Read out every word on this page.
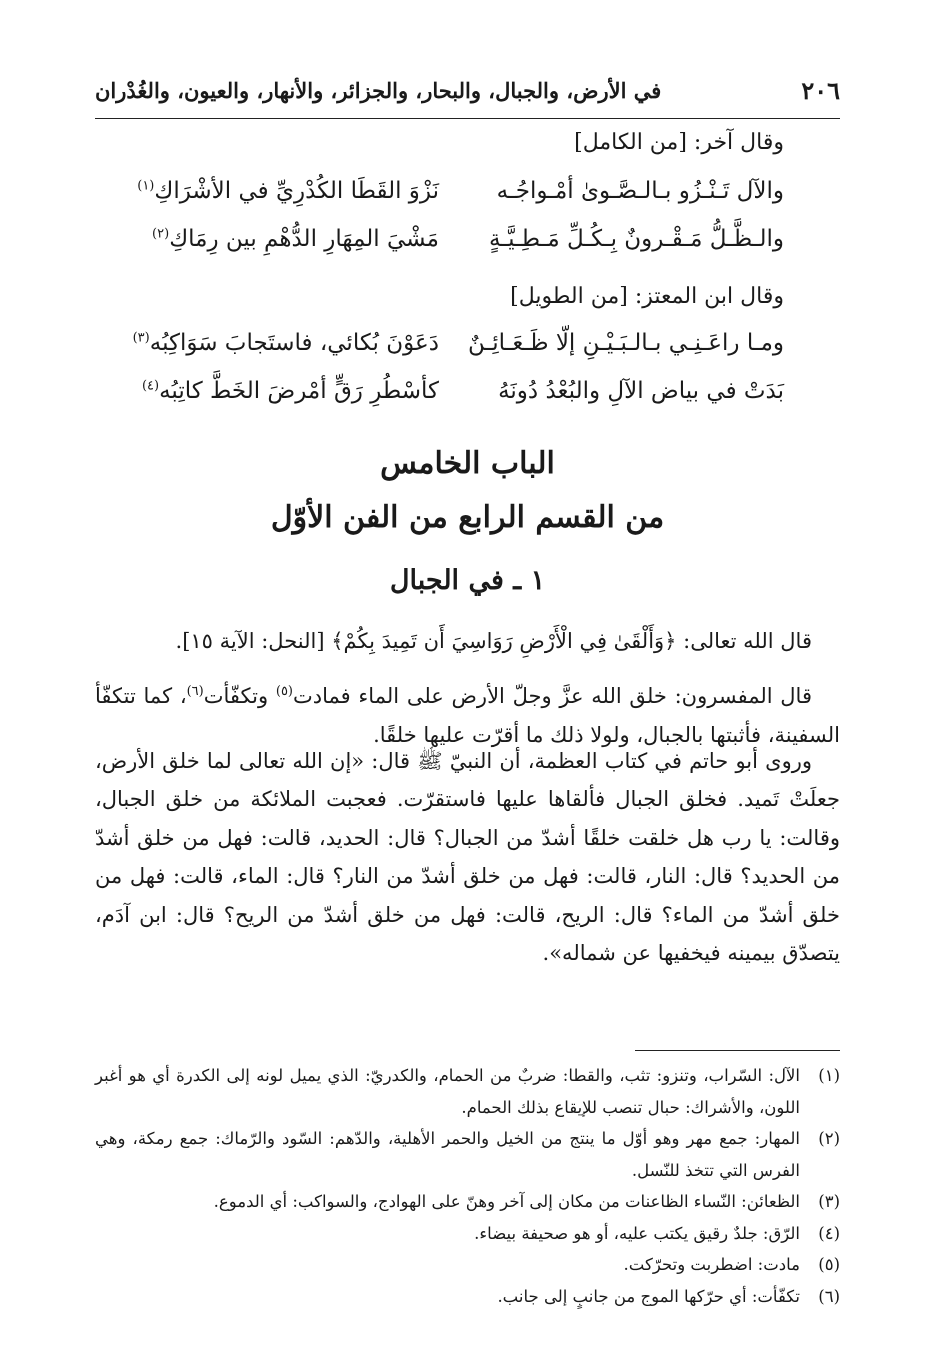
٢٠٦
في الأرض، والجبال، والبحار، والجزائر، والأنهار، والعيون، والغُدْران
وقال آخر: [من الكامل]
والآل تَـنْـزُو بـالـصَّـوىٰ أمْـواجُـه
نَزْوَ القَطَا الكُدْرِيِّ في الأشْرَاكِ$^{(١)}$
والـظَّـلُّ مَـقْـرونٌ بِـكُـلِّ مَـطِـيَّـةٍ
مَشْيَ المِهَارِ الدُّهْمِ بين رِمَاكِ$^{(٢)}$
وقال ابن المعتز: [من الطويل]
ومـا راعَـنِـي بـالـبَـيْـنِ إلّا ظَـعَـائِـنٌ
دَعَوْنَ بُكائي، فاستَجابَ سَوَاكِبُه$^{(٣)}$
بَدَتْ في بياض الآلِ والبُعْدُ دُونَهُ
كأسْطُرِ رَقٍّ أمْرضَ الخَطَّ كاتِبُه$^{(٤)}$
الباب الخامس
من القسم الرابع من الفن الأوّل
١ ـ في الجبال
قال الله تعالى: ﴿وَأَلْقَىٰ فِي الْأَرْضِ رَوَاسِيَ أَن تَمِيدَ بِكُمْ﴾ [النحل: الآية ١٥].
قال المفسرون: خلق الله عزَّ وجلّ الأرض على الماء فمادت$^{(٥)}$ وتكفّأت$^{(٦)}$، كما تتكفّأ السفينة، فأثبتها بالجبال، ولولا ذلك ما أقرّت عليها خلقًا.
وروى أبو حاتم في كتاب العظمة، أن النبيّ ﷺ قال: «إن الله تعالى لما خلق الأرض، جعلَتْ تَميد. فخلق الجبال فألقاها عليها فاستقرّت. فعجبت الملائكة من خلق الجبال، وقالت: يا رب هل خلقت خلقًا أشدّ من الجبال؟ قال: الحديد، قالت: فهل من خلق أشدّ من الحديد؟ قال: النار، قالت: فهل من خلق أشدّ من النار؟ قال: الماء، قالت: فهل من خلق أشدّ من الماء؟ قال: الريح، قالت: فهل من خلق أشدّ من الريح؟ قال: ابن آدَم، يتصدّق بيمينه فيخفيها عن شماله».
(١)
الآل: السّراب، وتنزو: تثب، والقطا: ضربٌ من الحمام، والكدريّ: الذي يميل لونه إلى الكدرة أي هو أغبر اللون، والأشراك: حبال تنصب للإيقاع بذلك الحمام.
(٢)
المهار: جمع مهر وهو أوّل ما ينتج من الخيل والحمر الأهلية، والدّهم: السّود والرّماك: جمع رمكة، وهي الفرس التي تتخذ للنّسل.
(٣)
الظعائن: النّساء الظاعنات من مكان إلى آخر وهنّ على الهوادج، والسواكب: أي الدموع.
(٤)
الرّق: جلدٌ رقيق يكتب عليه، أو هو صحيفة بيضاء.
(٥)
مادت: اضطربت وتحرّكت.
(٦)
تكفّأت: أي حرّكها الموج من جانبٍ إلى جانب.
